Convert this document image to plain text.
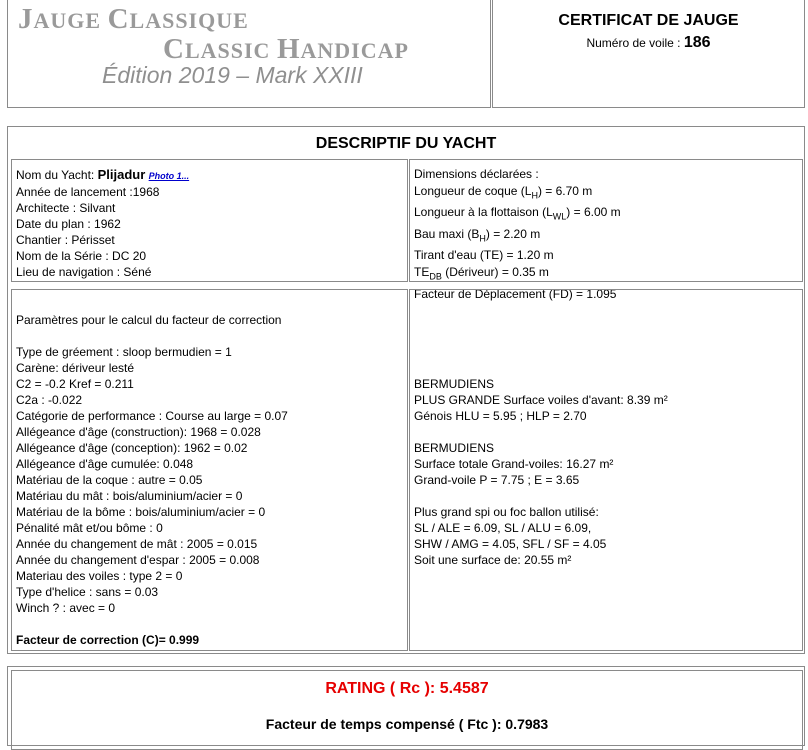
JAUGE CLASSIQUE
CLASSIC HANDICAP
Édition 2019 – Mark XXIII
CERTIFICAT DE JAUGE
Numéro de voile : 186
DESCRIPTIF DU YACHT
Nom du Yacht: Plijadur Photo 1...
Année de lancement :1968
Architecte : Silvant
Date du plan : 1962
Chantier : Périsset
Nom de la Série : DC 20
Lieu de navigation : Séné
Dimensions déclarées :
Longueur de coque $(L_H) = 6.70$ m
Longueur à la flottaison $(L_{WL}) = 6.00$ m
Bau maxi $(B_H) = 2.20$ m
Tirant d'eau (TE) = 1.20 m
$TE_{DB}$ (Dériveur) = 0.35 m
Facteur de Déplacement (FD) = 1.095
Paramètres pour le calcul du facteur de correction

Type de gréement : sloop bermudien = 1
Carène: dériveur lesté
C2 = -0.2 Kref = 0.211
C2a : -0.022
Catégorie de performance : Course au large = 0.07
Allégeance d'âge (construction): 1968 = 0.028
Allégeance d'âge (conception): 1962 = 0.02
Allégeance d'âge cumulée: 0.048
Matériau de la coque : autre = 0.05
Matériau du mât : bois/aluminium/acier = 0
Matériau de la bôme : bois/aluminium/acier = 0
Pénalité mât et/ou bôme : 0
Année du changement de mât : 2005 = 0.015
Année du changement d'espar : 2005 = 0.008
Materiau des voiles : type 2 = 0
Type d'helice : sans = 0.03
Winch ? : avec = 0

Facteur de correction (C)= 0.999
BERMUDIENS
PLUS GRANDE Surface voiles d'avant: 8.39 m²
Génois HLU = 5.95 ; HLP = 2.70

BERMUDIENS
Surface totale Grand-voiles: 16.27 m²
Grand-voile P = 7.75 ; E = 3.65

Plus grand spi ou foc ballon utilisé:
SL / ALE = 6.09, SL / ALU = 6.09,
SHW / AMG = 4.05, SFL / SF = 4.05
Soit une surface de: 20.55 m²
RATING ( Rc ): 5.4587
Facteur de temps compensé ( Ftc ): 0.7983
